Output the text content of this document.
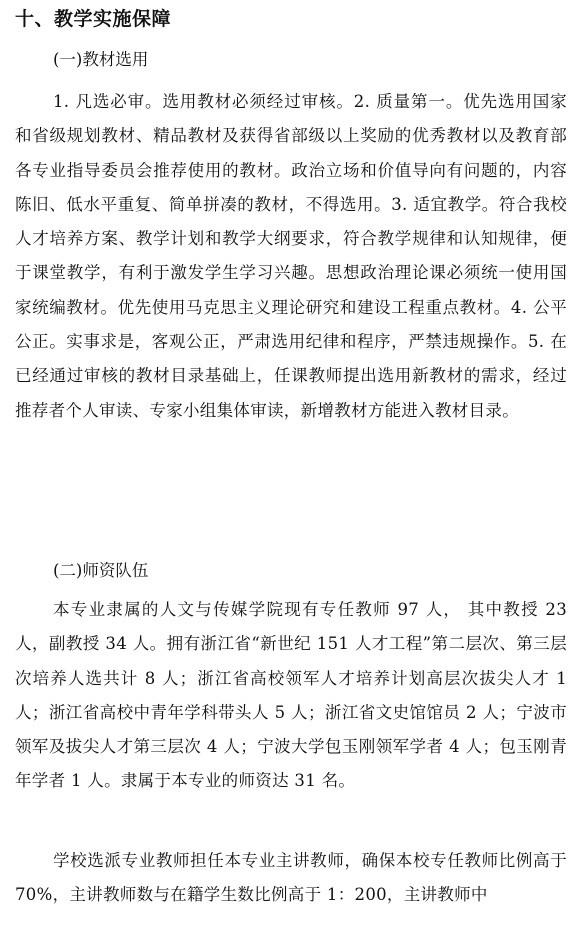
十、教学实施保障
(一)教材选用

1. 凡选必审。选用教材必须经过审核。2. 质量第一。优先选用国家和省级规划教材、精品教材及获得省部级以上奖励的优秀教材以及教育部各专业指导委员会推荐使用的教材。政治立场和价值导向有问题的，内容陈旧、低水平重复、简单拼凑的教材，不得选用。3. 适宜教学。符合我校人才培养方案、教学计划和教学大纲要求，符合教学规律和认知规律，便于课堂教学，有利于激发学生学习兴趣。思想政治理论课必须统一使用国家统编教材。优先使用马克思主义理论研究和建设工程重点教材。4. 公平公正。实事求是，客观公正，严肃选用纪律和程序，严禁违规操作。5. 在已经通过审核的教材目录基础上，任课教师提出选用新教材的需求，经过推荐者个人审读、专家小组集体审读，新增教材方能进入教材目录。

(二)师资队伍

本专业隶属的人文与传媒学院现有专任教师 97 人， 其中教授 23 人，副教授 34 人。拥有浙江省“新世纪 151 人才工程”第二层次、第三层次培养人选共计 8 人；浙江省高校领军人才培养计划高层次拔尖人才 1 人；浙江省高校中青年学科带头人 5 人；浙江省文史馆馆员 2 人；宁波市领军及拔尖人才第三层次 4 人；宁波大学包玉刚领军学者 4 人；包玉刚青年学者 1 人。隶属于本专业的师资达 31 名。

学校选派专业教师担任本专业主讲教师，确保本校专任教师比例高于 70%，主讲教师数与在籍学生数比例高于 1：200，主讲教师中
